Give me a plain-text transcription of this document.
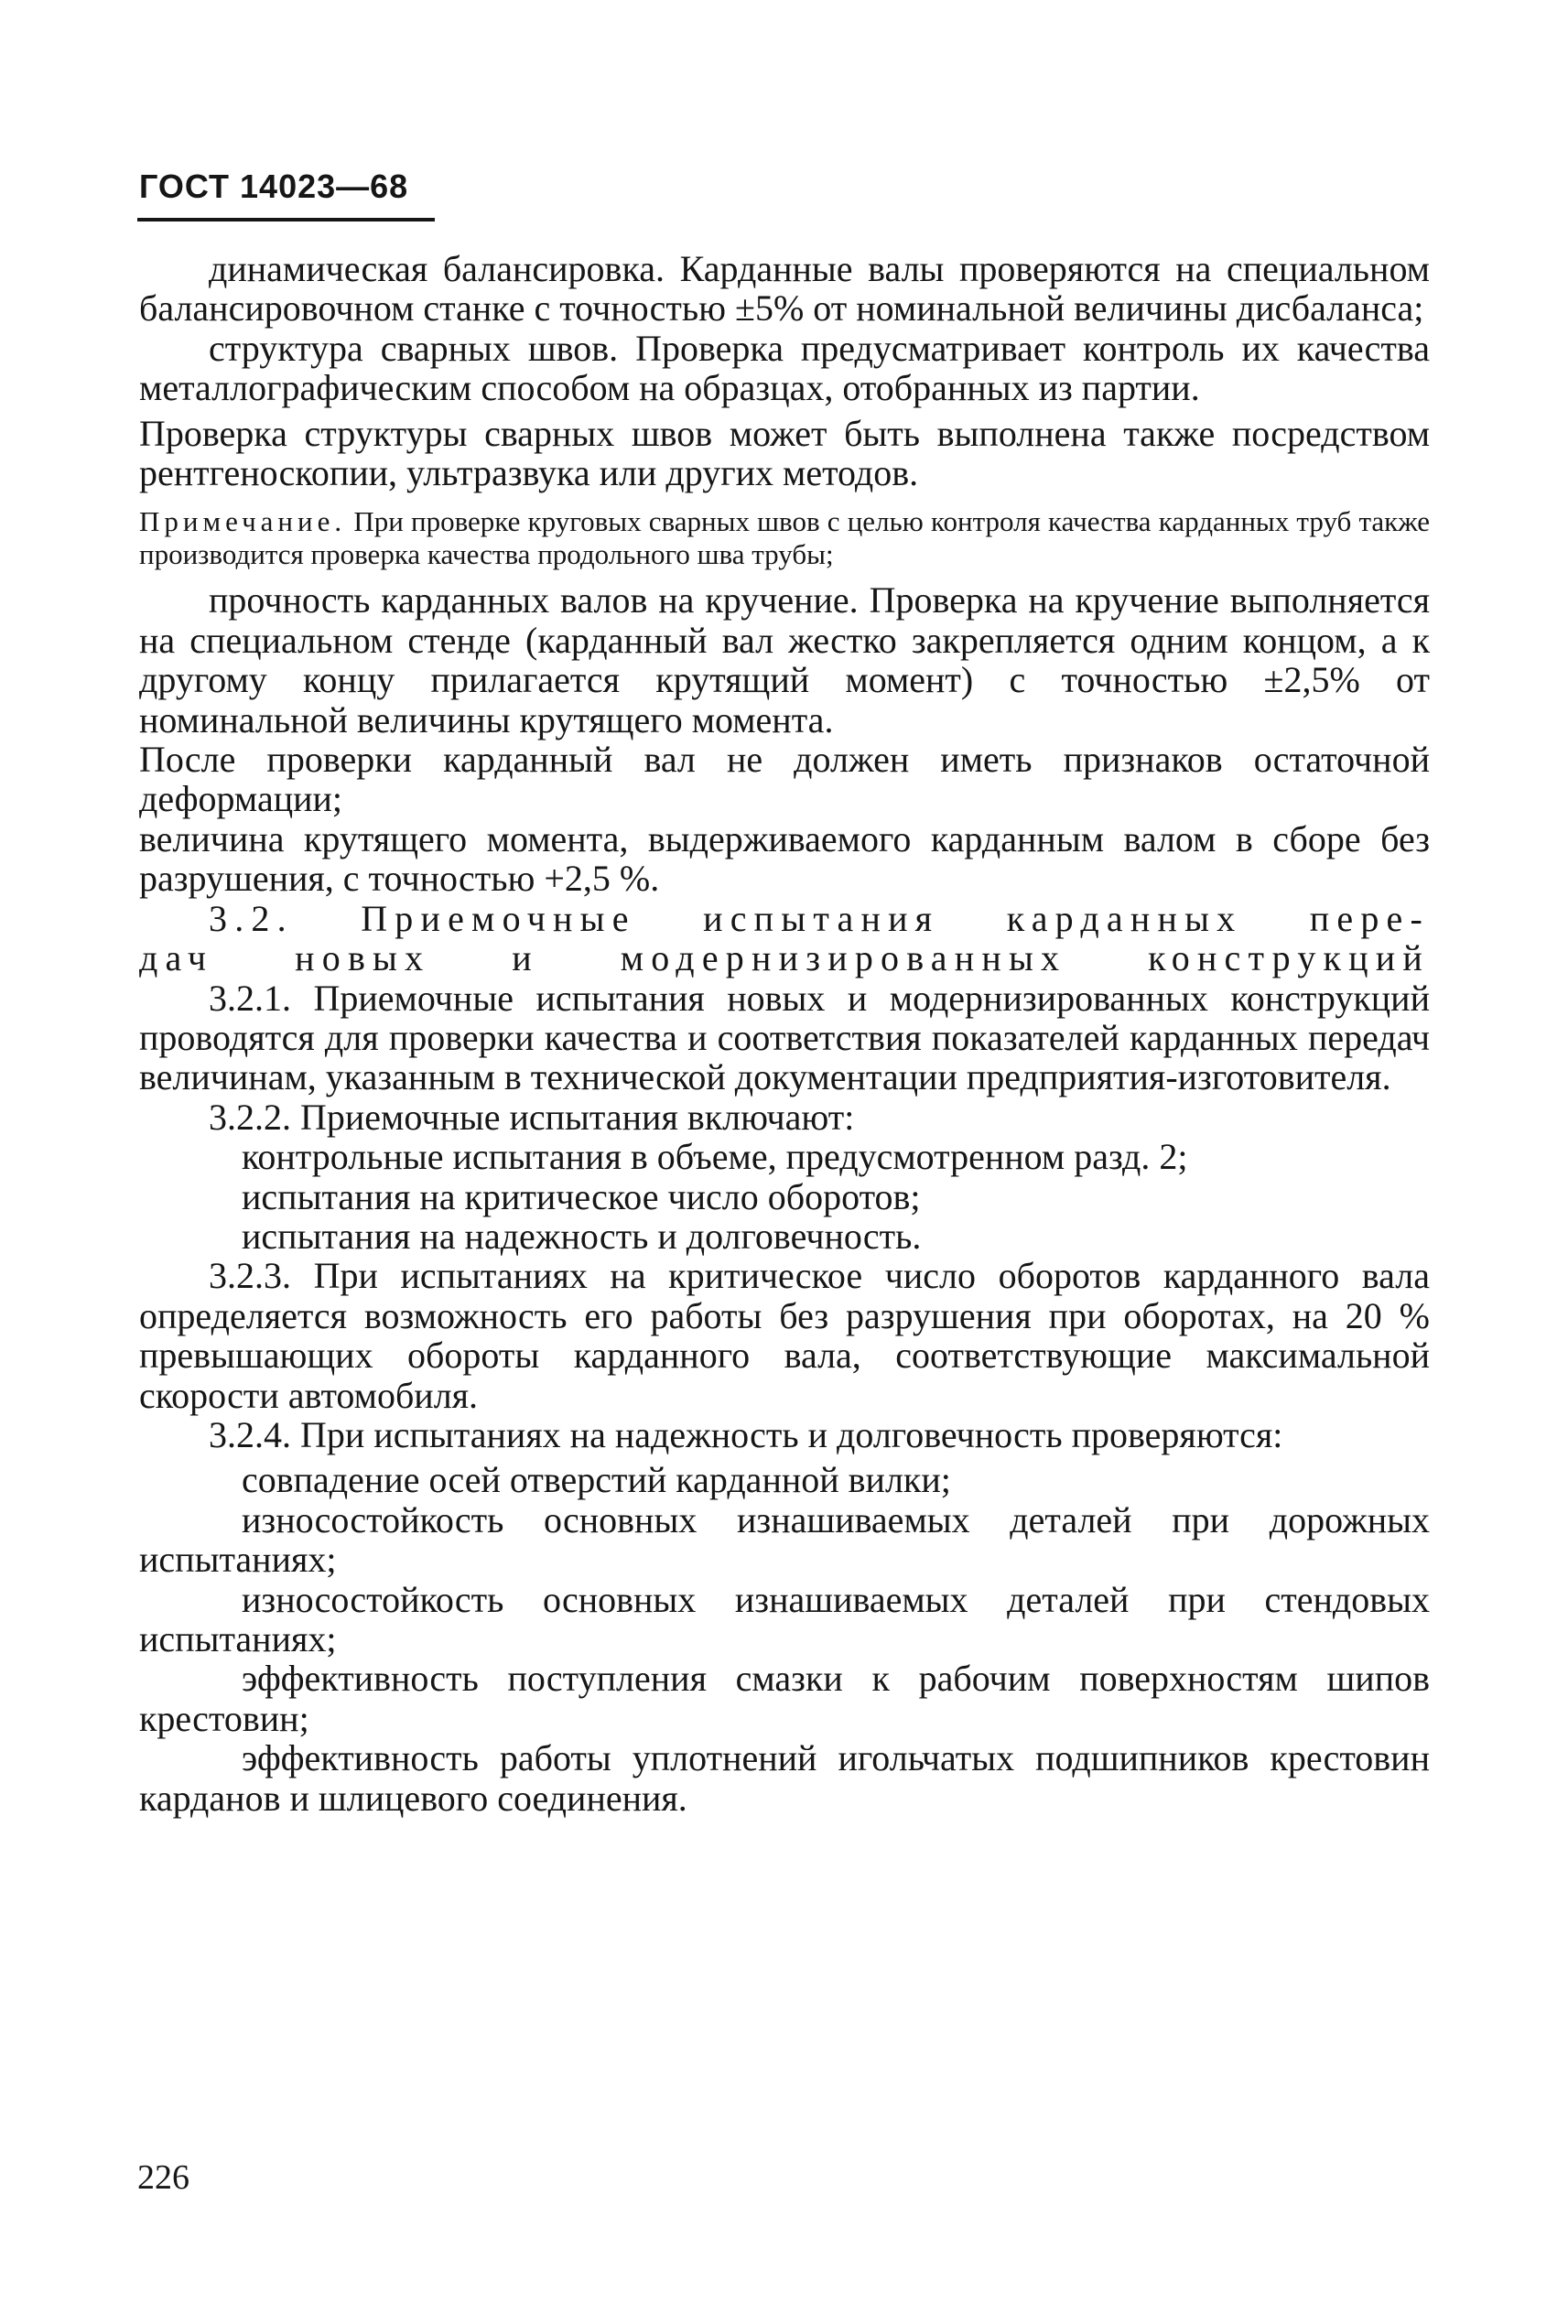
ГОСТ 14023—68

динамическая балансировка. Карданные валы проверяются на специальном балансировочном станке с точностью ±5% от номинальной величины дисбаланса;

структура сварных швов. Проверка предусматривает контроль их качества металлографическим способом на образцах, отобранных из партии.

Проверка структуры сварных швов может быть выполнена также посредством рентгеноскопии, ультразвука или других методов.

Примечание. При проверке круговых сварных швов с целью контроля качества карданных труб также производится проверка качества продольного шва трубы;

прочность карданных валов на кручение. Проверка на кручение выполняется на специальном стенде (карданный вал жестко закрепляется одним концом, а к другому концу прилагается крутящий момент) с точностью ±2,5% от номинальной величины крутящего момента.

После проверки карданный вал не должен иметь признаков остаточной деформации;

величина крутящего момента, выдерживаемого карданным валом в сборе без разрушения, с точностью +2,5 %.

3.2. Приемочные испытания карданных пере-

дач новых и модернизированных конструкций

3.2.1. Приемочные испытания новых и модернизированных конструкций проводятся для проверки качества и соответствия показателей карданных передач величинам, указанным в технической документации предприятия-изготовителя.

3.2.2. Приемочные испытания включают:

контрольные испытания в объеме, предусмотренном разд. 2;

испытания на критическое число оборотов;

испытания на надежность и долговечность.

3.2.3. При испытаниях на критическое число оборотов карданного вала определяется возможность его работы без разрушения при оборотах, на 20 % превышающих обороты карданного вала, соответствующие максимальной скорости автомобиля.

3.2.4. При испытаниях на надежность и долговечность проверяются:

совпадение осей отверстий карданной вилки;

износостойкость основных изнашиваемых деталей при дорожных испытаниях;

износостойкость основных изнашиваемых деталей при стендовых испытаниях;

эффективность поступления смазки к рабочим поверхностям шипов крестовин;

эффективность работы уплотнений игольчатых подшипников крестовин карданов и шлицевого соединения.

226
